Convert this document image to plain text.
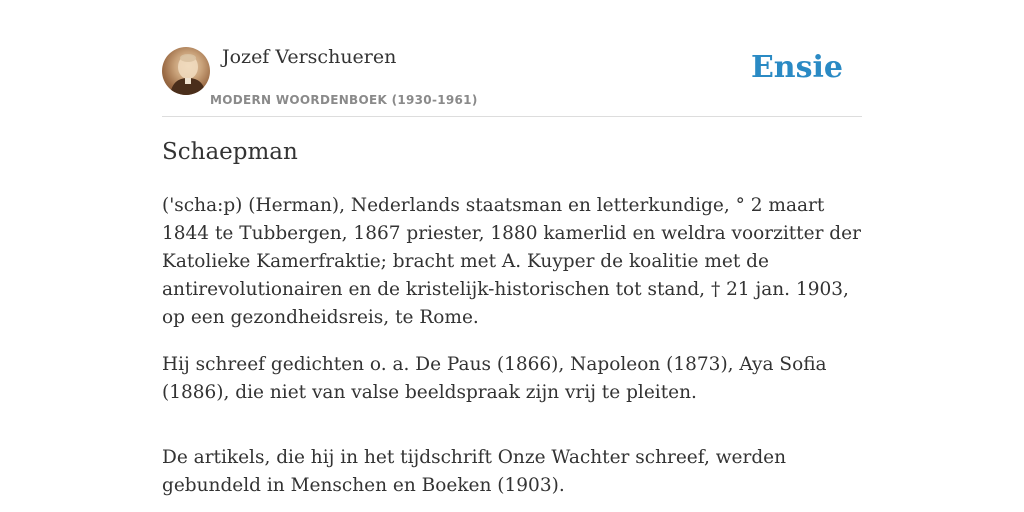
Jozef Verschueren
MODERN WOORDENBOEK (1930-1961)
Ensie
Schaepman

('scha:p) (Herman), Nederlands staatsman en letterkundige, ° 2 maart 1844 te Tubbergen, 1867 priester, 1880 kamerlid en weldra voorzitter der Katolieke Kamerfraktie; bracht met A. Kuyper de koalitie met de antirevolutionairen en de kristelijk-historischen tot stand, † 21 jan. 1903, op een gezondheidsreis, te Rome.

Hij schreef gedichten o. a. De Paus (1866), Napoleon (1873), Aya Sofia (1886), die niet van valse beeldspraak zijn vrij te pleiten.

De artikels, die hij in het tijdschrift Onze Wachter schreef, werden gebundeld in Menschen en Boeken (1903).
